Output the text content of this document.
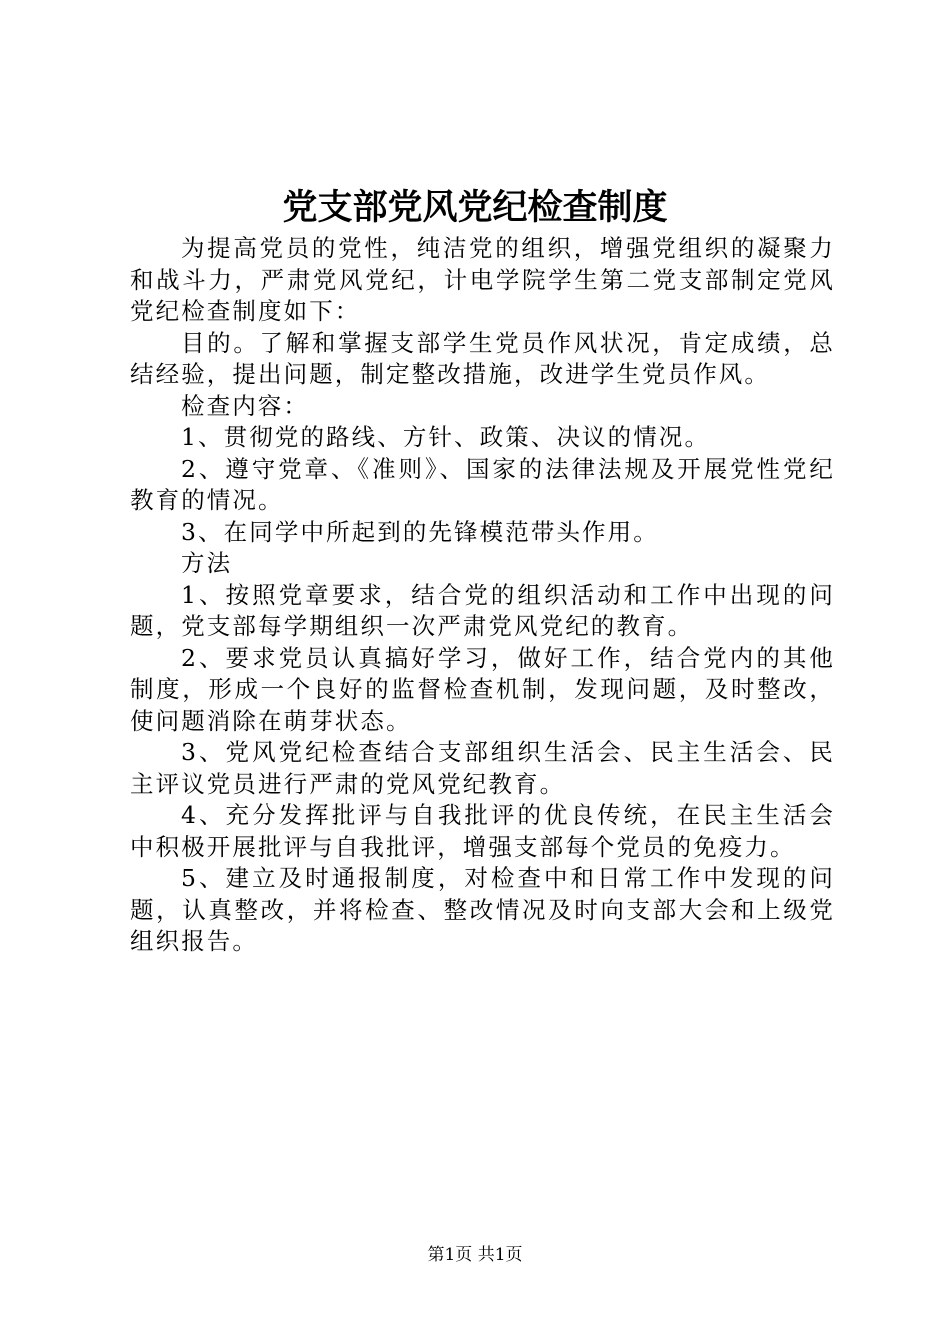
党支部党风党纪检查制度

为提高党员的党性，纯洁党的组织，增强党组织的凝聚力和战斗力，严肃党风党纪，计电学院学生第二党支部制定党风党纪检查制度如下：

目的。了解和掌握支部学生党员作风状况，肯定成绩，总结经验，提出问题，制定整改措施，改进学生党员作风。

检查内容：

1、贯彻党的路线、方针、政策、决议的情况。

2、遵守党章、《准则》、国家的法律法规及开展党性党纪教育的情况。

3、在同学中所起到的先锋模范带头作用。

方法

1、按照党章要求，结合党的组织活动和工作中出现的问题，党支部每学期组织一次严肃党风党纪的教育。

2、要求党员认真搞好学习，做好工作，结合党内的其他制度，形成一个良好的监督检查机制，发现问题，及时整改，使问题消除在萌芽状态。

3、党风党纪检查结合支部组织生活会、民主生活会、民主评议党员进行严肃的党风党纪教育。

4、充分发挥批评与自我批评的优良传统，在民主生活会中积极开展批评与自我批评，增强支部每个党员的免疫力。

5、建立及时通报制度，对检查中和日常工作中发现的问题，认真整改，并将检查、整改情况及时向支部大会和上级党组织报告。

第1页 共1页
